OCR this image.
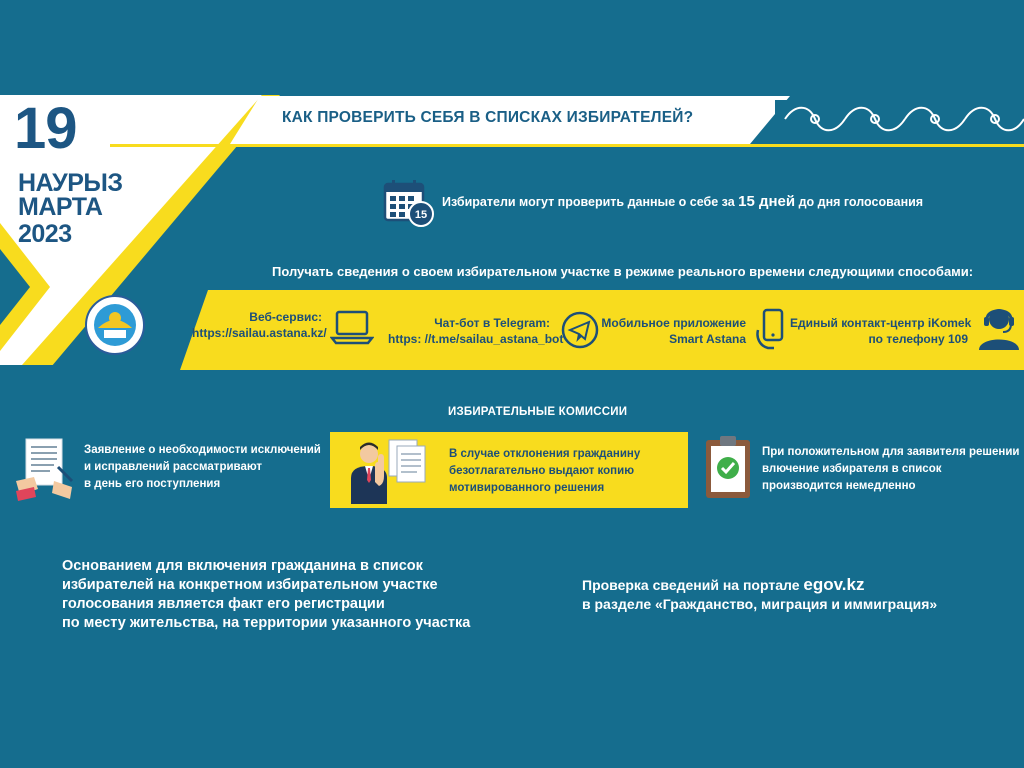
КАК ПРОВЕРИТЬ СЕБЯ В СПИСКАХ ИЗБИРАТЕЛЕЙ?
19
НАУРЫЗ
МАРТА
2023
15
Избиратели могут проверить данные о себе за 15 дней до дня голосования
Получать сведения о своем избирательном участке в режиме реального времени следующими способами:
Веб-сервис:
https://sailau.astana.kz/
Чат-бот в Telegram:
https: //t.me/sailau_astana_bot
Мобильное приложение
Smart Astana
Единый контакт-центр iKomek
по телефону 109
ИЗБИРАТЕЛЬНЫЕ КОМИССИИ
Заявление о необходимости исключений
и исправлений рассматривают
в день его поступления
В случае отклонения гражданину
безотлагательно выдают копию
мотивированного решения
При положительном для заявителя решении
влючение избирателя в список
производится немедленно
Основанием для включения гражданина в список
избирателей на конкретном избирательном участке
голосования является факт его регистрации
по месту жительства, на территории указанного участка
Проверка сведений на портале egov.kz
в разделе «Гражданство, миграция и иммиграция»
